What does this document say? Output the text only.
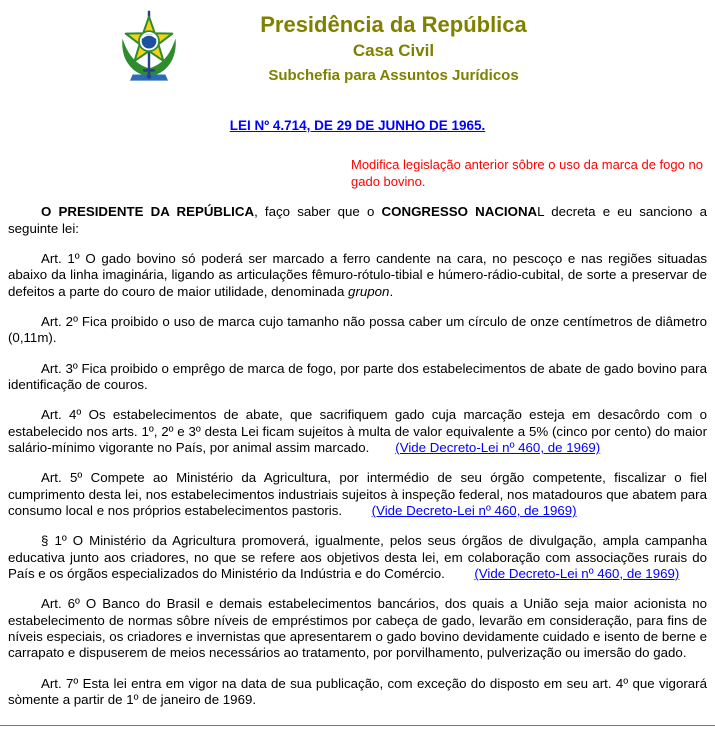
Presidência da República
Casa Civil
Subchefia para Assuntos Jurídicos
LEI Nº 4.714, DE 29 DE JUNHO DE 1965.
Modifica legislação anterior sôbre o uso da marca de fogo no gado bovino.

O PRESIDENTE DA REPÚBLICA, faço saber que o CONGRESSO NACIONAL decreta e eu sanciono a seguinte lei:

Art. 1º O gado bovino só poderá ser marcado a ferro candente na cara, no pescoço e nas regiões situadas abaixo da linha imaginária, ligando as articulações fêmuro-rótulo-tibial e húmero-rádio-cubital, de sorte a preservar de defeitos a parte do couro de maior utilidade, denominada grupon.

Art. 2º Fica proibido o uso de marca cujo tamanho não possa caber um círculo de onze centímetros de diâmetro (0,11m).

Art. 3º Fica proibido o emprêgo de marca de fogo, por parte dos estabelecimentos de abate de gado bovino para identificação de couros.

Art. 4º Os estabelecimentos de abate, que sacrifiquem gado cuja marcação esteja em desacôrdo com o estabelecido nos arts. 1º, 2º e 3º desta Lei ficam sujeitos à multa de valor equivalente a 5% (cinco por cento) do maior salário-mínimo vigorante no País, por animal assim marcado. (Vide Decreto-Lei nº 460, de 1969)

Art. 5º Compete ao Ministério da Agricultura, por intermédio de seu órgão competente, fiscalizar o fiel cumprimento desta lei, nos estabelecimentos industriais sujeitos à inspeção federal, nos matadouros que abatem para consumo local e nos próprios estabelecimentos pastoris. (Vide Decreto-Lei nº 460, de 1969)

§ 1º O Ministério da Agricultura promoverá, igualmente, pelos seus órgãos de divulgação, ampla campanha educativa junto aos criadores, no que se refere aos objetivos desta lei, em colaboração com associações rurais do País e os órgãos especializados do Ministério da Indústria e do Comércio. (Vide Decreto-Lei nº 460, de 1969)

Art. 6º O Banco do Brasil e demais estabelecimentos bancários, dos quais a União seja maior acionista no estabelecimento de normas sôbre níveis de empréstimos por cabeça de gado, levarão em consideração, para fins de níveis especiais, os criadores e invernistas que apresentarem o gado bovino devidamente cuidado e isento de berne e carrapato e dispuserem de meios necessários ao tratamento, por porvilhamento, pulverização ou imersão do gado.

Art. 7º Esta lei entra em vigor na data de sua publicação, com exceção do disposto em seu art. 4º que vigorará sòmente a partir de 1º de janeiro de 1969.
